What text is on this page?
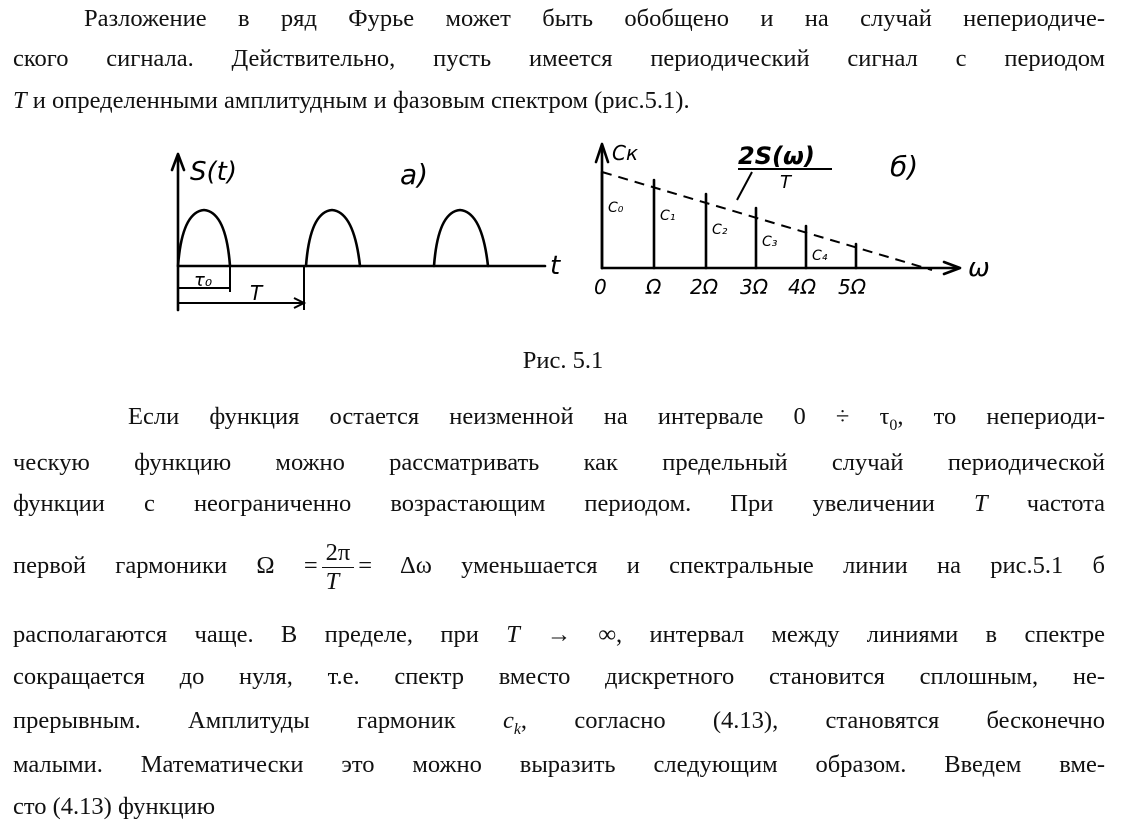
Разложение в ряд Фурье может быть обобщено и на случай непериодиче-
ского сигнала. Действительно, пусть имеется периодический сигнал с периодом
T и определенными амплитудным и фазовым спектром (рис.5.1).
S(t)	а)
t
τ₀
T
Cк	2S(ω)
T	б)
ω
C₀	C₁
C₂
C₃
C₄
0 Ω 2Ω 3Ω 4Ω 5Ω
Рис. 5.1
Если функция остается неизменной на интервале $0 \div \tau_0$, то непериоди-
ческую функцию можно рассматривать как предельный случай периодической
функции с неограниченно возрастающим периодом. При увеличении T частота
первой гармоники $\Omega = \frac{2\pi}{T} = \Delta\omega$ уменьшается и спектральные линии на рис.5.1 б
располагаются чаще. В пределе, при T → ∞, интервал между линиями в спектре
сокращается до нуля, т.е. спектр вместо дискретного становится сплошным, не-
прерывным. Амплитуды гармоник $c_k$, согласно (4.13), становятся бесконечно
малыми. Математически это можно выразить следующим образом. Введем вме-
сто (4.13) функцию
